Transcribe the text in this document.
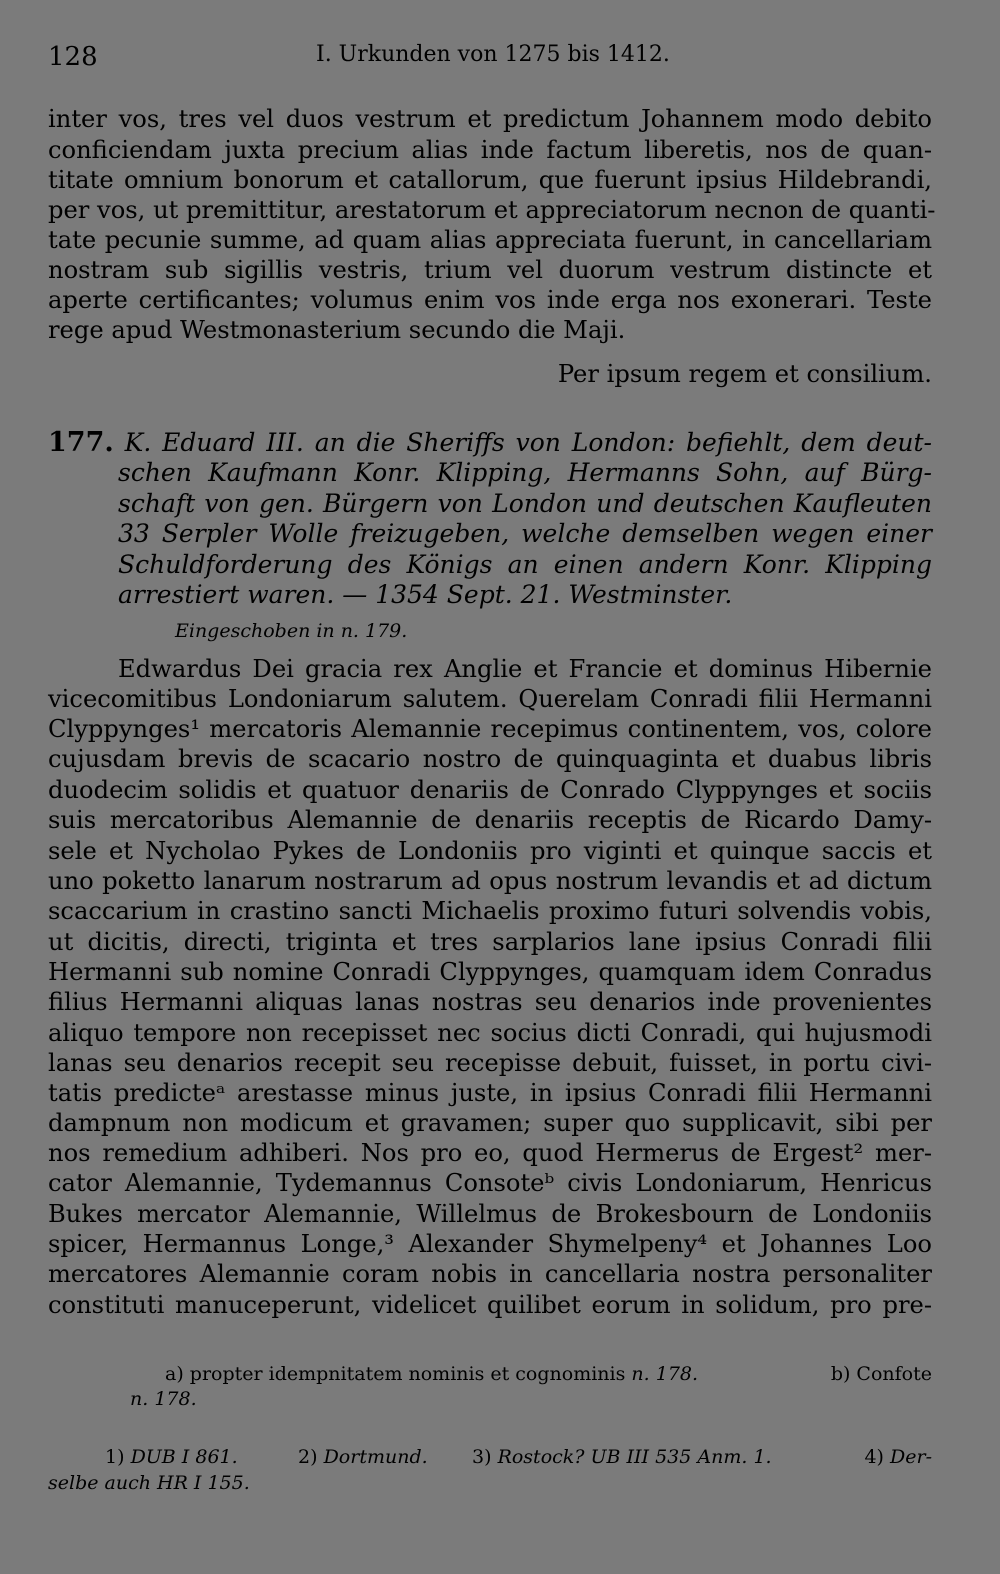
128	I. Urkunden von 1275 bis 1412.
inter vos, tres vel duos vestrum et predictum Johannem modo debito
conficiendam juxta precium alias inde factum liberetis, nos de quan-
titate omnium bonorum et catallorum, que fuerunt ipsius Hildebrandi,
per vos, ut premittitur, arestatorum et appreciatorum necnon de quanti-
tate pecunie summe, ad quam alias appreciata fuerunt, in cancellariam
nostram sub sigillis vestris, trium vel duorum vestrum distincte et
aperte certificantes; volumus enim vos inde erga nos exonerari. Teste
rege apud Westmonasterium secundo die Maji.
Per ipsum regem et consilium.
177. K. Eduard III. an die Sheriffs von London: befiehlt, dem deut-
schen Kaufmann Konr. Klipping, Hermanns Sohn, auf Bürg-
schaft von gen. Bürgern von London und deutschen Kaufleuten
33 Serpler Wolle freizugeben, welche demselben wegen einer
Schuldforderung des Königs an einen andern Konr. Klipping
arrestiert waren. — 1354 Sept. 21. Westminster.
Eingeschoben in n. 179.
Edwardus Dei gracia rex Anglie et Francie et dominus Hibernie
vicecomitibus Londoniarum salutem. Querelam Conradi filii Hermanni
Clyppynges¹ mercatoris Alemannie recepimus continentem, vos, colore
cujusdam brevis de scacario nostro de quinquaginta et duabus libris
duodecim solidis et quatuor denariis de Conrado Clyppynges et sociis
suis mercatoribus Alemannie de denariis receptis de Ricardo Damy-
sele et Nycholao Pykes de Londoniis pro viginti et quinque saccis et
uno poketto lanarum nostrarum ad opus nostrum levandis et ad dictum
scaccarium in crastino sancti Michaelis proximo futuri solvendis vobis,
ut dicitis, directi, triginta et tres sarplarios lane ipsius Conradi filii
Hermanni sub nomine Conradi Clyppynges, quamquam idem Conradus
filius Hermanni aliquas lanas nostras seu denarios inde provenientes
aliquo tempore non recepisset nec socius dicti Conradi, qui hujusmodi
lanas seu denarios recepit seu recepisse debuit, fuisset, in portu civi-
tatis predicteᵃ arestasse minus juste, in ipsius Conradi filii Hermanni
dampnum non modicum et gravamen; super quo supplicavit, sibi per
nos remedium adhiberi. Nos pro eo, quod Hermerus de Ergest² mer-
cator Alemannie, Tydemannus Consoteᵇ civis Londoniarum, Henricus
Bukes mercator Alemannie, Willelmus de Brokesbourn de Londoniis
spicer, Hermannus Longe,³ Alexander Shymelpeny⁴ et Johannes Loo
mercatores Alemannie coram nobis in cancellaria nostra personaliter
constituti manuceperunt, videlicet quilibet eorum in solidum, pro pre-
a) propter idempnitatem nominis et cognominis n. 178.	b) Confote
n. 178.
1) DUB I 861.	2) Dortmund. 3) Rostock? UB III 535 Anm. 1.	4) Der-
selbe auch HR I 155.
